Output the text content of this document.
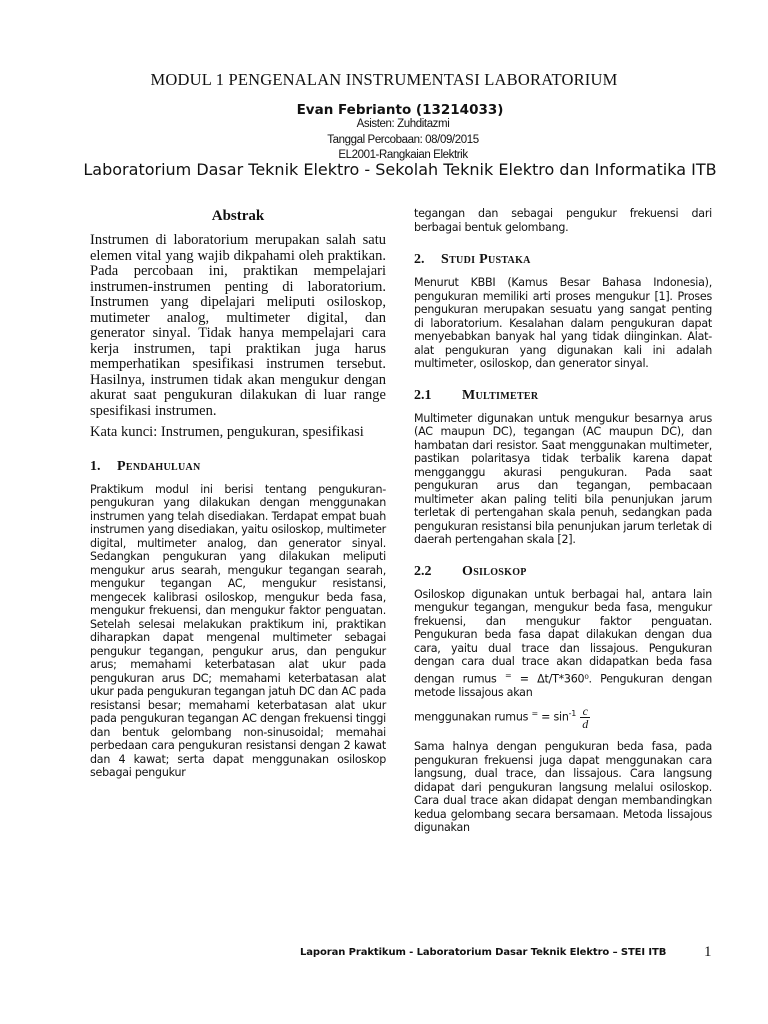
MODUL 1 PENGENALAN INSTRUMENTASI LABORATORIUM
Evan Febrianto (13214033)
Asisten: Zuhditazmi
Tanggal Percobaan: 08/09/2015
EL2001-Rangkaian Elektrik
Laboratorium Dasar Teknik Elektro - Sekolah Teknik Elektro dan Informatika ITB
Abstrak

Instrumen di laboratorium merupakan salah satu elemen vital yang wajib dikpahami oleh praktikan. Pada percobaan ini, praktikan mempelajari instrumen-instrumen penting di laboratorium. Instrumen yang dipelajari meliputi osiloskop, mutimeter analog, multimeter digital, dan generator sinyal. Tidak hanya mempelajari cara kerja instrumen, tapi praktikan juga harus memperhatikan spesifikasi instrumen tersebut. Hasilnya, instrumen tidak akan mengukur dengan akurat saat pengukuran dilakukan di luar range spesifikasi instrumen.

Kata kunci: Instrumen, pengukuran, spesifikasi

1.	Pendahuluan

Praktikum modul ini berisi tentang pengukuran-pengukuran yang dilakukan dengan menggunakan instrumen yang telah disediakan. Terdapat empat buah instrumen yang disediakan, yaitu osiloskop, multimeter digital, multimeter analog, dan generator sinyal. Sedangkan pengukuran yang dilakukan meliputi mengukur arus searah, mengukur tegangan searah, mengukur tegangan AC, mengukur resistansi, mengecek kalibrasi osiloskop, mengukur beda fasa, mengukur frekuensi, dan mengukur faktor penguatan. Setelah selesai melakukan praktikum ini, praktikan diharapkan dapat mengenal multimeter sebagai pengukur tegangan, pengukur arus, dan pengukur arus; memahami keterbatasan alat ukur pada pengukuran arus DC; memahami keterbatasan alat ukur pada pengukuran tegangan jatuh DC dan AC pada resistansi besar; memahami keterbatasan alat ukur pada pengukuran tegangan AC dengan frekuensi tinggi dan bentuk gelombang non-sinusoidal; memahai perbedaan cara pengukuran resistansi dengan 2 kawat dan 4 kawat; serta dapat menggunakan osiloskop sebagai pengukur

tegangan dan sebagai pengukur frekuensi dari berbagai bentuk gelombang.

2.	Studi Pustaka

Menurut KBBI (Kamus Besar Bahasa Indonesia), pengukuran memiliki arti proses mengukur [1]. Proses pengukuran merupakan sesuatu yang sangat penting di laboratorium. Kesalahan dalam pengukuran dapat menyebabkan banyak hal yang tidak diinginkan. Alat-alat pengukuran yang digunakan kali ini adalah multimeter, osiloskop, dan generator sinyal.

2.1	Multimeter

Multimeter digunakan untuk mengukur besarnya arus (AC maupun DC), tegangan (AC maupun DC), dan hambatan dari resistor. Saat menggunakan multimeter, pastikan polaritasya tidak terbalik karena dapat mengganggu akurasi pengukuran. Pada saat pengukuran arus dan tegangan, pembacaan multimeter akan paling teliti bila penunjukan jarum terletak di pertengahan skala penuh, sedangkan pada pengukuran resistansi bila penunjukan jarum terletak di daerah pertengahan skala [2].

2.2	Osiloskop

Osiloskop digunakan untuk berbagai hal, antara lain mengukur tegangan, mengukur beda fasa, mengukur frekuensi, dan mengukur faktor penguatan. Pengukuran beda fasa dapat dilakukan dengan dua cara, yaitu dual trace dan lissajous. Pengukuran dengan cara dual trace akan didapatkan beda fasa dengan rumus = = Δt/T*360⁰. Pengukuran dengan metode lissajous akan

menggunakan rumus $^= = \sin^{-1} \frac{c}{d}$

Sama halnya dengan pengukuran beda fasa, pada pengukuran frekuensi juga dapat menggunakan cara langsung, dual trace, dan lissajous. Cara langsung didapat dari pengukuran langsung melalui osiloskop. Cara dual trace akan didapat dengan membandingkan kedua gelombang secara bersamaan. Metoda lissajous digunakan

Laporan Praktikum - Laboratorium Dasar Teknik Elektro – STEI ITB	1
